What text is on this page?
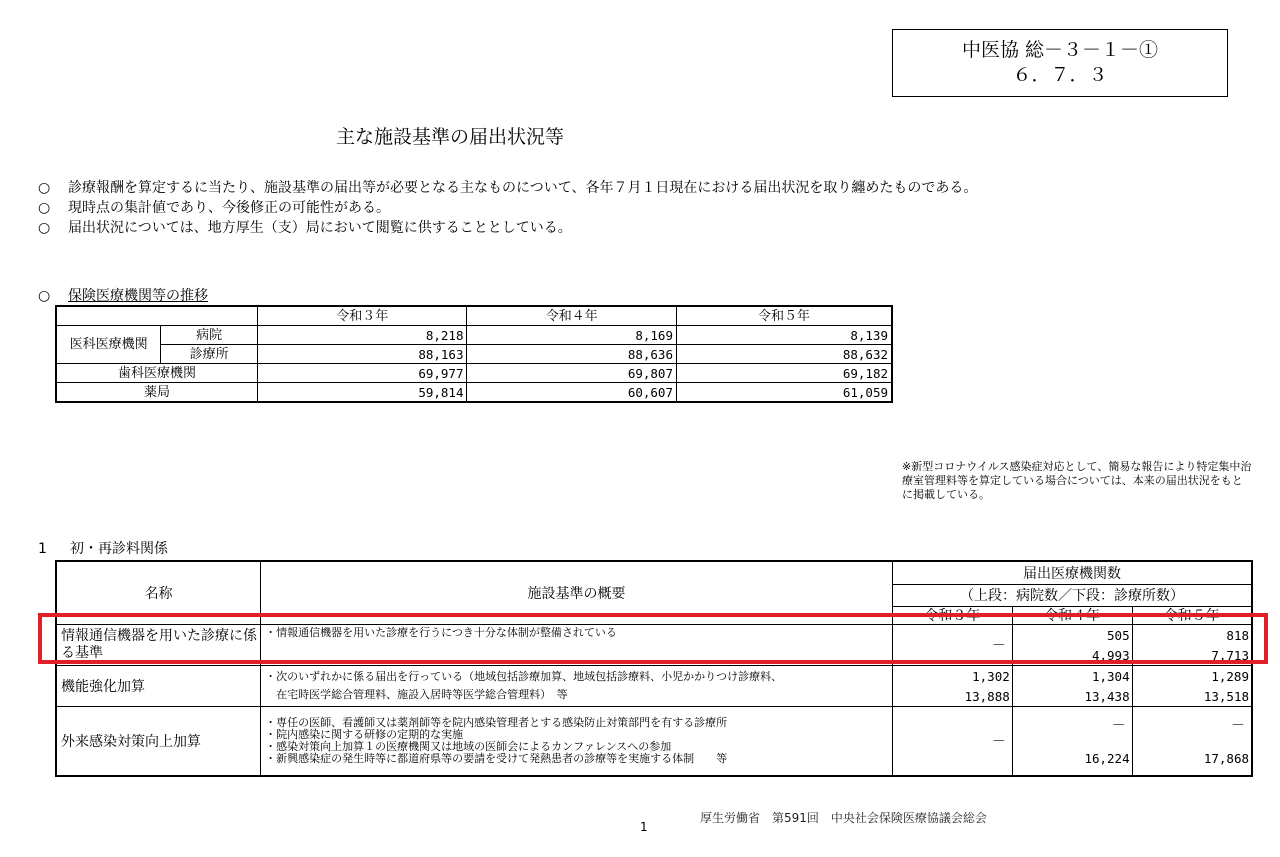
中医協 総－３－１－①
６．７．３
主な施設基準の届出状況等
○	診療報酬を算定するに当たり、施設基準の届出等が必要となる主なものについて、各年７月１日現在における届出状況を取り纏めたものである。
○	現時点の集計値であり、今後修正の可能性がある。
○	届出状況については、地方厚生（支）局において閲覧に供することとしている。
○ 保険医療機関等の推移
		令和３年	令和４年	令和５年
医科医療機関	病院	8,218	8,169	8,139
	診療所	88,163	88,636	88,632
歯科医療機関		69,977	69,807	69,182
薬局		59,814	60,607	61,059
※新型コロナウイルス感染症対応として、簡易な報告により特定集中治療室管理料等を算定している場合については、本来の届出状況をもとに掲載している。
1 初・再診料関係
名称	施設基準の概要	届出医療機関数		
		（上段：病院数／下段：診療所数）		
		令和３年	令和４年	令和５年
情報通信機器を用いた診療に係る基準	・情報通信機器を用いた診療を行うにつき十分な体制が整備されている	－	505	818
			4,993	7,713
機能強化加算	・次のいずれかに係る届出を行っている（地域包括診療加算、地域包括診療料、小児かかりつけ診療料、
　在宅時医学総合管理料、施設入居時等医学総合管理料）　等	1,302	1,304	1,289
		13,888	13,438	13,518
外来感染対策向上加算	・専任の医師、看護師又は薬剤師等を院内感染管理者とする感染防止対策部門を有する診療所
・院内感染に関する研修の定期的な実施
・感染対策向上加算１の医療機関又は地域の医師会によるカンファレンスへの参加
・新興感染症の発生時等に都道府県等の要請を受けて発熱患者の診療等を実施する体制　　等	－	－	－
			16,224	17,868
厚生労働省　第591回　中央社会保険医療協議会総会
1
